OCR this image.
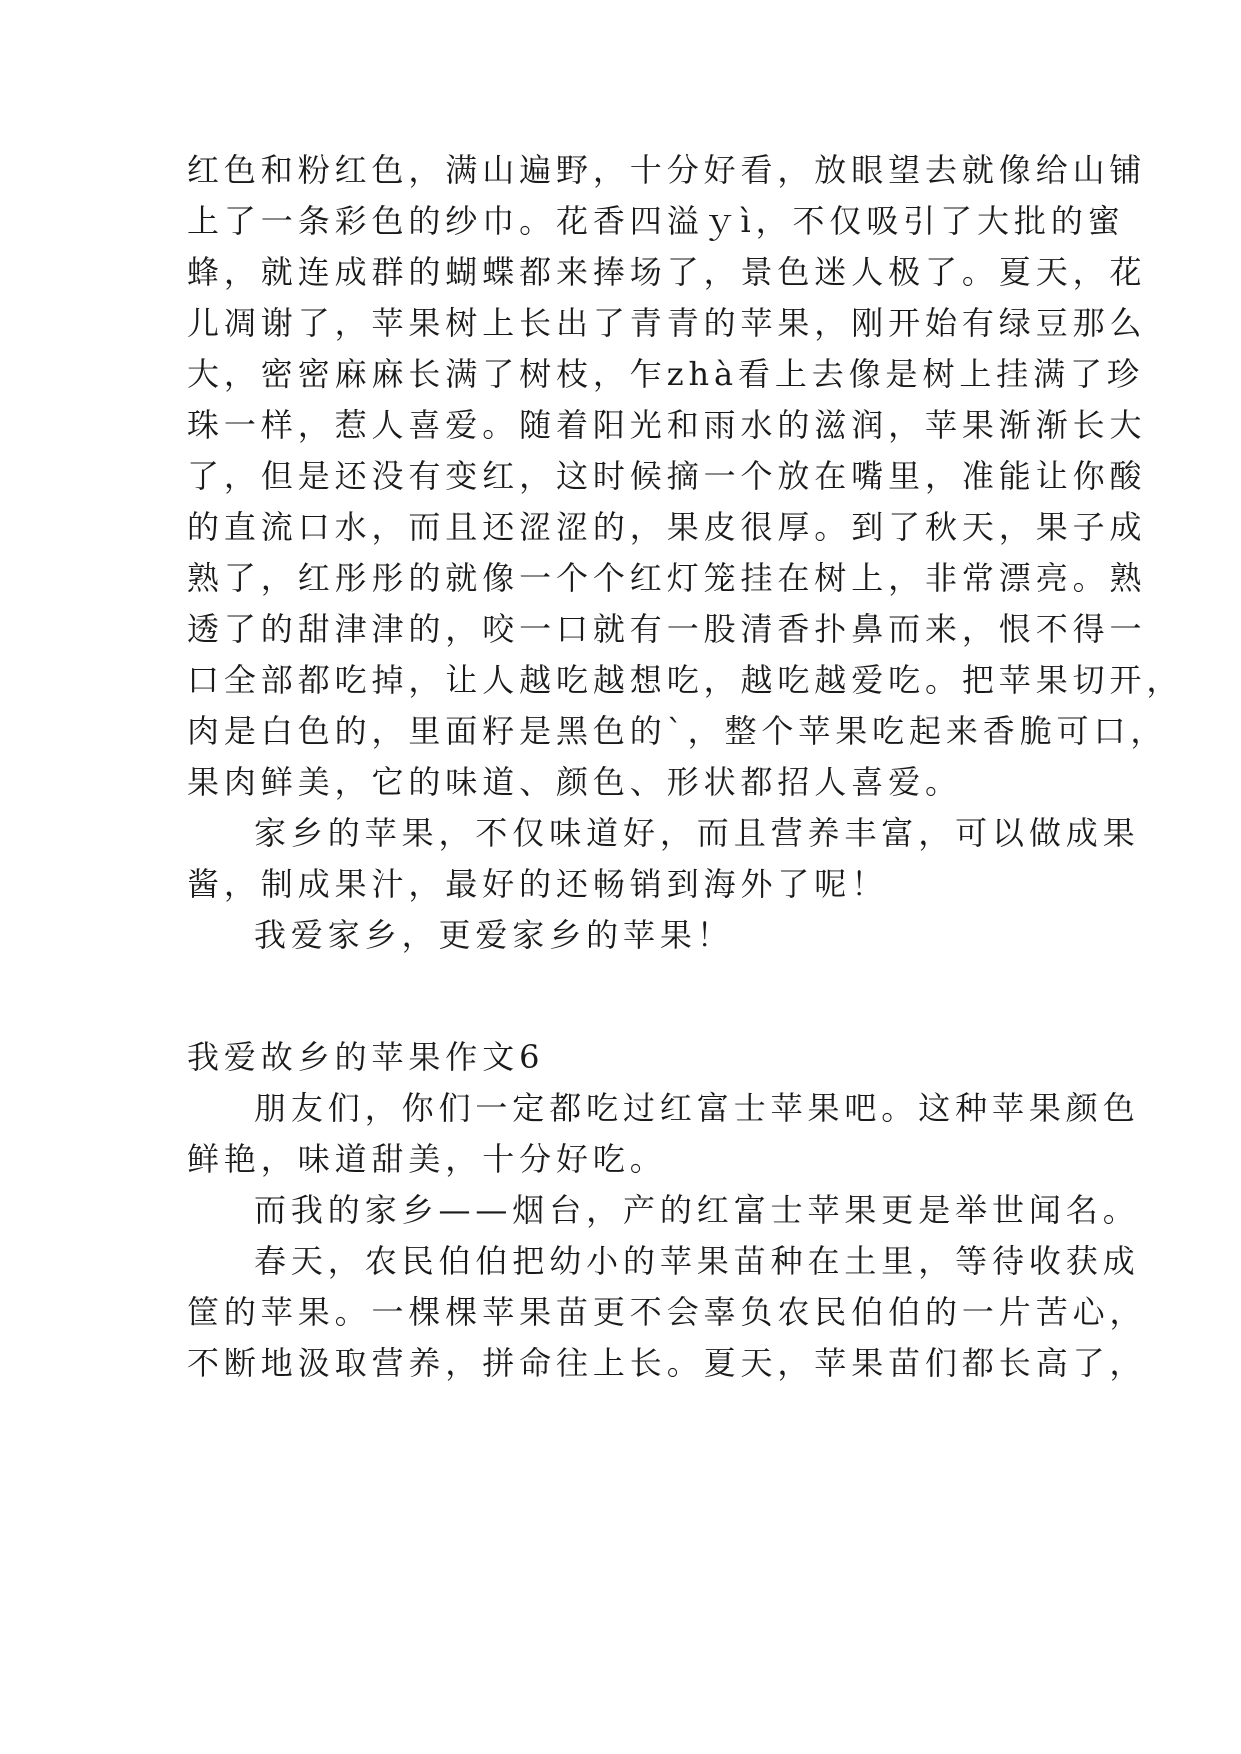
红色和粉红色，满山遍野，十分好看，放眼望去就像给山铺
上了一条彩色的纱巾。花香四溢ｙì，不仅吸引了大批的蜜
蜂，就连成群的蝴蝶都来捧场了，景色迷人极了。夏天，花
儿凋谢了，苹果树上长出了青青的苹果，刚开始有绿豆那么
大，密密麻麻长满了树枝，乍zhà看上去像是树上挂满了珍
珠一样，惹人喜爱。随着阳光和雨水的滋润，苹果渐渐长大
了，但是还没有变红，这时候摘一个放在嘴里，准能让你酸
的直流口水，而且还涩涩的，果皮很厚。到了秋天，果子成
熟了，红彤彤的就像一个个红灯笼挂在树上，非常漂亮。熟
透了的甜津津的，咬一口就有一股清香扑鼻而来，恨不得一
口全部都吃掉，让人越吃越想吃，越吃越爱吃。把苹果切开，
肉是白色的，里面籽是黑色的`，整个苹果吃起来香脆可口，
果肉鲜美，它的味道、颜色、形状都招人喜爱。
家乡的苹果，不仅味道好，而且营养丰富，可以做成果
酱，制成果汁，最好的还畅销到海外了呢！
我爱家乡，更爱家乡的苹果！
我爱故乡的苹果作文6
朋友们，你们一定都吃过红富士苹果吧。这种苹果颜色
鲜艳，味道甜美，十分好吃。
而我的家乡——烟台，产的红富士苹果更是举世闻名。
春天，农民伯伯把幼小的苹果苗种在土里，等待收获成
筐的苹果。一棵棵苹果苗更不会辜负农民伯伯的一片苦心，
不断地汲取营养，拼命往上长。夏天，苹果苗们都长高了，
